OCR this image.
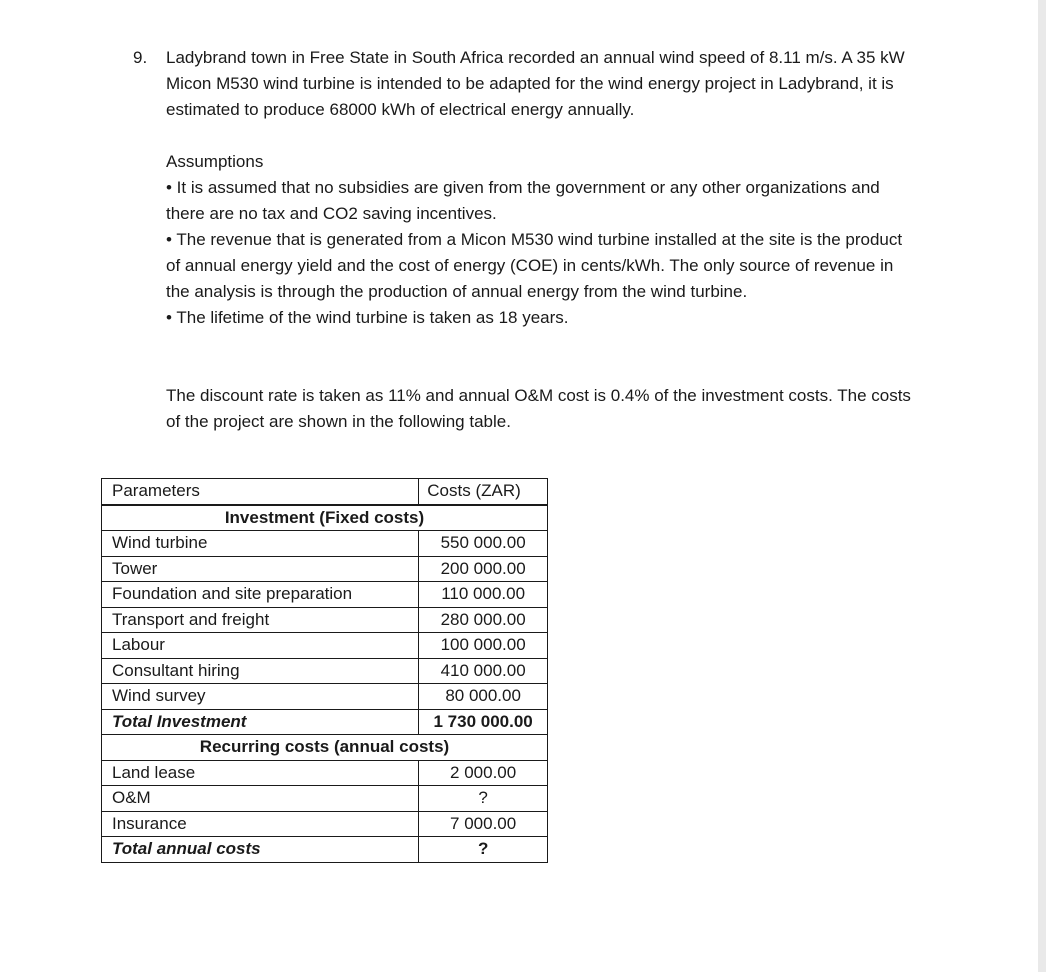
9. Ladybrand town in Free State in South Africa recorded an annual wind speed of 8.11 m/s. A 35 kW Micon M530 wind turbine is intended to be adapted for the wind energy project in Ladybrand, it is estimated to produce 68000 kWh of electrical energy annually.

Assumptions

• It is assumed that no subsidies are given from the government or any other organizations and there are no tax and CO2 saving incentives.

• The revenue that is generated from a Micon M530 wind turbine installed at the site is the product of annual energy yield and the cost of energy (COE) in cents/kWh. The only source of revenue in the analysis is through the production of annual energy from the wind turbine.

• The lifetime of the wind turbine is taken as 18 years.

The discount rate is taken as 11% and annual O&M cost is 0.4% of the investment costs. The costs of the project are shown in the following table.

Parameters	Costs (ZAR)
Investment (Fixed costs)	
Wind turbine	550 000.00
Tower	200 000.00
Foundation and site preparation	110 000.00
Transport and freight	280 000.00
Labour	100 000.00
Consultant hiring	410 000.00
Wind survey	80 000.00
Total Investment	1 730 000.00
Recurring costs (annual costs)	
Land lease	2 000.00
O&M	?
Insurance	7 000.00
Total annual costs	?
